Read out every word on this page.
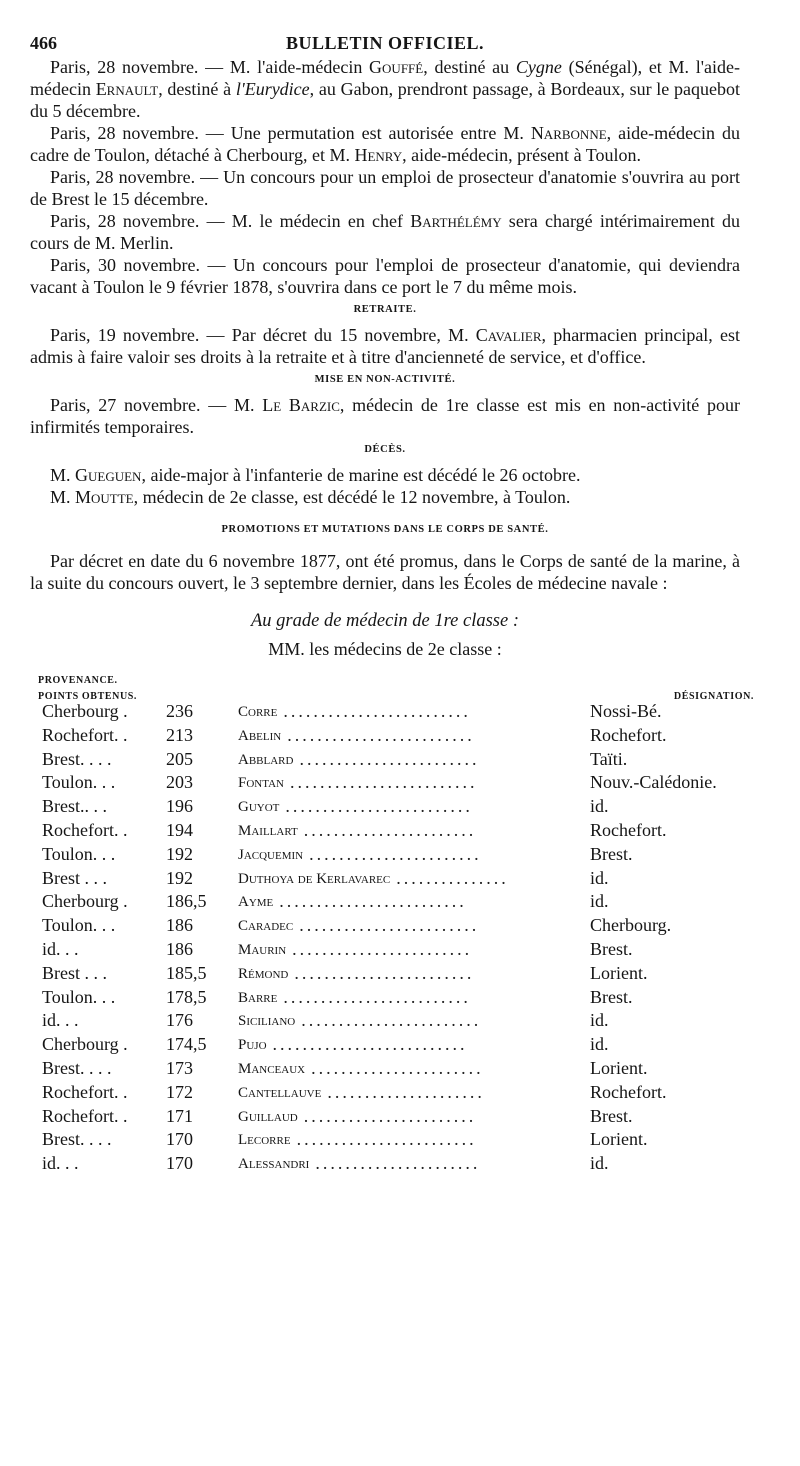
466	BULLETIN OFFICIEL.

Paris, 28 novembre. — M. l'aide-médecin Gouffé, destiné au Cygne (Sénégal), et M. l'aide-médecin Ernault, destiné à l'Eurydice, au Gabon, prendront passage, à Bordeaux, sur le paquebot du 5 décembre.

Paris, 28 novembre. — Une permutation est autorisée entre M. Narbonne, aide-médecin du cadre de Toulon, détaché à Cherbourg, et M. Henry, aide-médecin, présent à Toulon.

Paris, 28 novembre. — Un concours pour un emploi de prosecteur d'anatomie s'ouvrira au port de Brest le 15 décembre.

Paris, 28 novembre. — M. le médecin en chef Barthélémy sera chargé intérimairement du cours de M. Merlin.

Paris, 30 novembre. — Un concours pour l'emploi de prosecteur d'anatomie, qui deviendra vacant à Toulon le 9 février 1878, s'ouvrira dans ce port le 7 du même mois.

RETRAITE.

Paris, 19 novembre. — Par décret du 15 novembre, M. Cavalier, pharmacien principal, est admis à faire valoir ses droits à la retraite et à titre d'ancienneté de service, et d'office.

MISE EN NON-ACTIVITÉ.

Paris, 27 novembre. — M. Le Barzic, médecin de 1re classe est mis en non-activité pour infirmités temporaires.

DÉCÈS.

M. Gueguen, aide-major à l'infanterie de marine est décédé le 26 octobre.

M. Moutte, médecin de 2e classe, est décédé le 12 novembre, à Toulon.

PROMOTIONS ET MUTATIONS DANS LE CORPS DE SANTÉ.

Par décret en date du 6 novembre 1877, ont été promus, dans le Corps de santé de la marine, à la suite du concours ouvert, le 3 septembre dernier, dans les Écoles de médecine navale :

Au grade de médecin de 1re classe :
MM. les médecins de 2e classe :
PROVENANCE.
POINTS OBTENUS.	DÉSIGNATION.
Cherbourg . 236	Corre .........................	Nossi-Bé.
Rochefort. . 213	Abelin .........................	Rochefort.
Brest. . . .	205	Abblard ........................	Taïti.
Toulon. . .	203	Fontan .........................	Nouv.-Calédonie.
Brest.. . .	196	Guyot .........................	id.
Rochefort. . 194	Maillart .......................	Rochefort.
Toulon. . .	192	Jacquemin .......................	Brest.
Brest . . .	192	Duthoya de Kerlavarec ...............	id.
Cherbourg . 186,5 Ayme .........................	id.
Toulon. . .	186	Caradec ........................	Cherbourg.
id. . .	186	Maurin ........................	Brest.
Brest . . .	185,5 Rémond ........................	Lorient.
Toulon. . .	178,5 Barre .........................	Brest.
id. . .	176	Siciliano ........................	id.
Cherbourg . 174,5 Pujo ..........................	id.
Brest. . . .	173	Manceaux .......................	Lorient.
Rochefort. . 172	Cantellauve .....................	Rochefort.
Rochefort. . 171	Guillaud .......................	Brest.
Brest. . . .	170	Lecorre ........................	Lorient.
id. . .	170	Alessandri ......................	id.
